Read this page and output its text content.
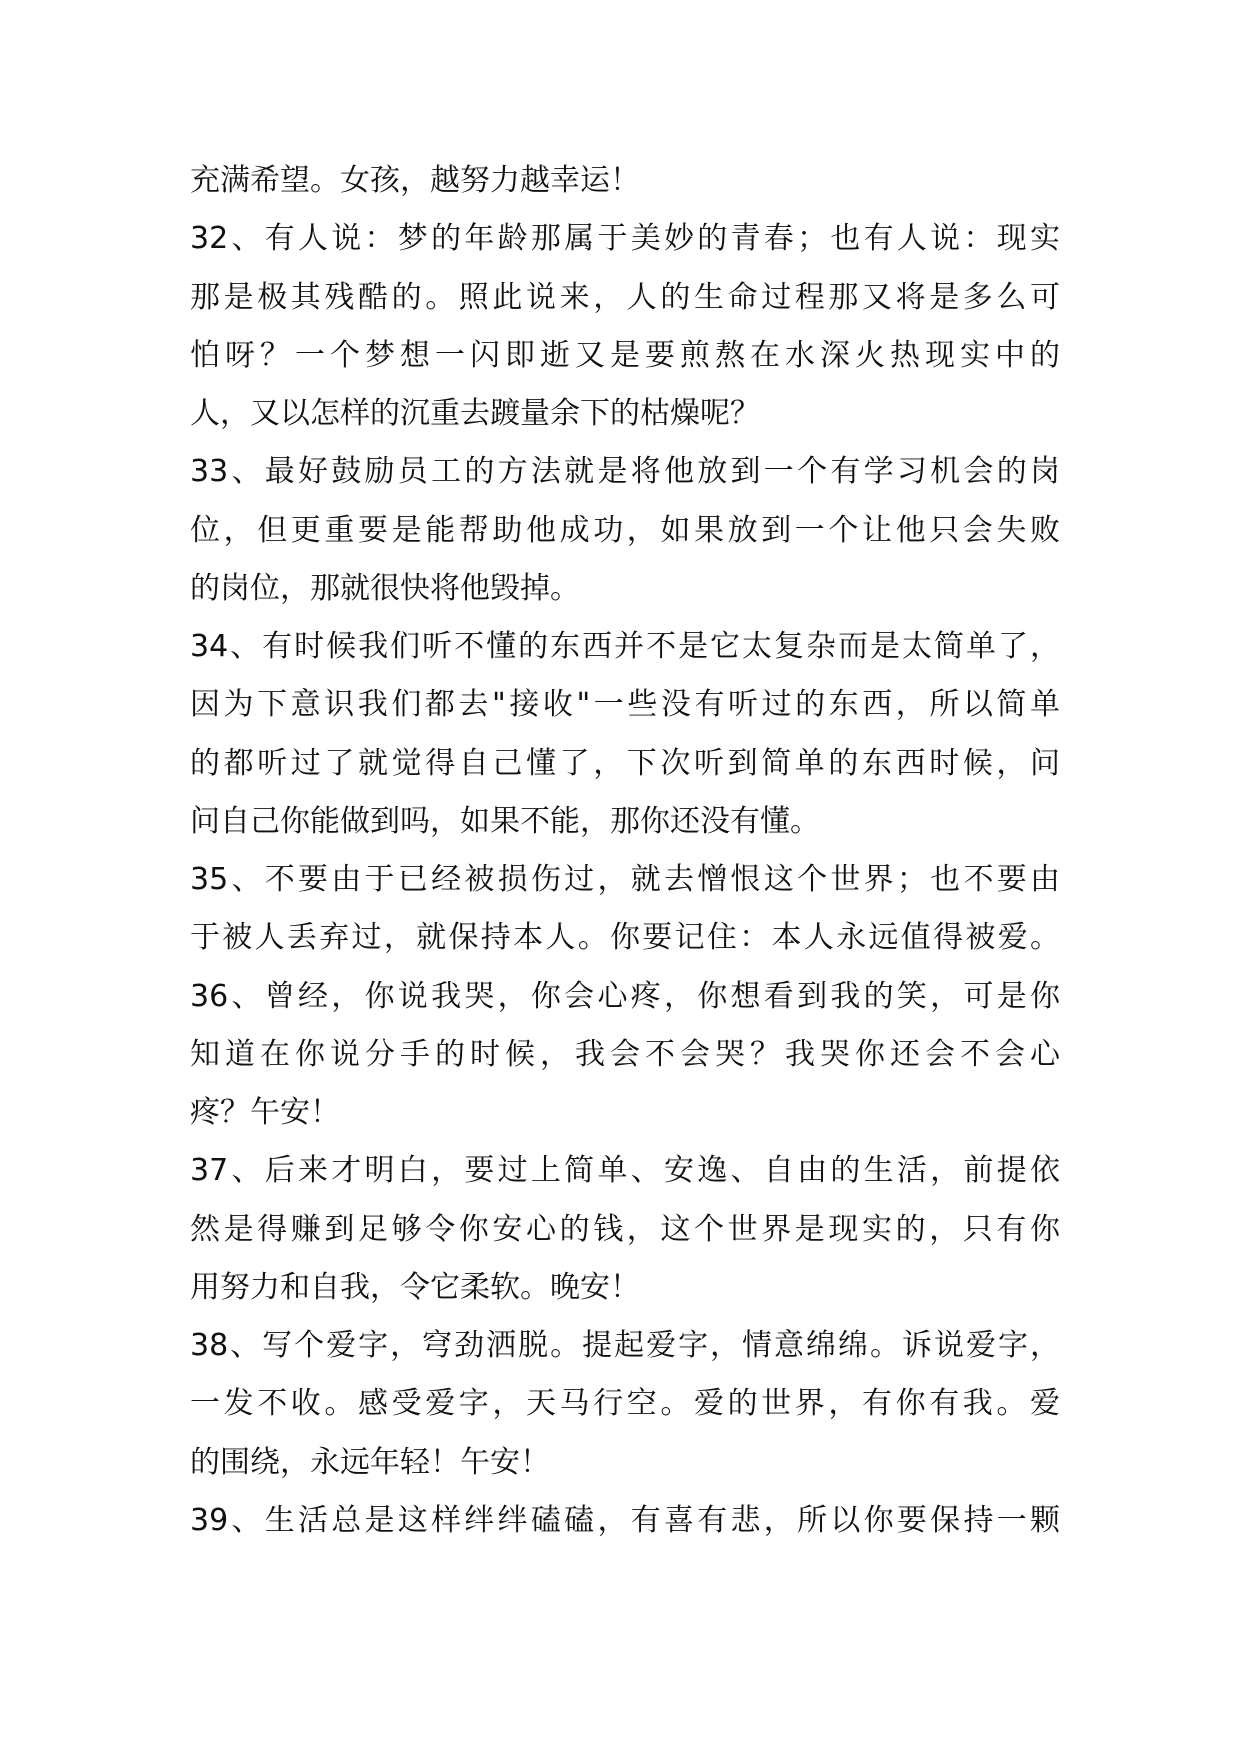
充满希望。女孩，越努力越幸运！
32、有人说：梦的年龄那属于美妙的青春；也有人说：现实
那是极其残酷的。照此说来，人的生命过程那又将是多么可
怕呀？一个梦想一闪即逝又是要煎熬在水深火热现实中的
人，又以怎样的沉重去踱量余下的枯燥呢？
33、最好鼓励员工的方法就是将他放到一个有学习机会的岗
位，但更重要是能帮助他成功，如果放到一个让他只会失败
的岗位，那就很快将他毁掉。
34、有时候我们听不懂的东西并不是它太复杂而是太简单了，
因为下意识我们都去"接收"一些没有听过的东西，所以简单
的都听过了就觉得自己懂了，下次听到简单的东西时候，问
问自己你能做到吗，如果不能，那你还没有懂。
35、不要由于已经被损伤过，就去憎恨这个世界；也不要由
于被人丢弃过，就保持本人。你要记住：本人永远值得被爱。
36、曾经，你说我哭，你会心疼，你想看到我的笑，可是你
知道在你说分手的时候，我会不会哭？我哭你还会不会心
疼？午安！
37、后来才明白，要过上简单、安逸、自由的生活，前提依
然是得赚到足够令你安心的钱，这个世界是现实的，只有你
用努力和自我，令它柔软。晚安！
38、写个爱字，穹劲洒脱。提起爱字，情意绵绵。诉说爱字，
一发不收。感受爱字，天马行空。爱的世界，有你有我。爱
的围绕，永远年轻！午安！
39、生活总是这样绊绊磕磕，有喜有悲，所以你要保持一颗
